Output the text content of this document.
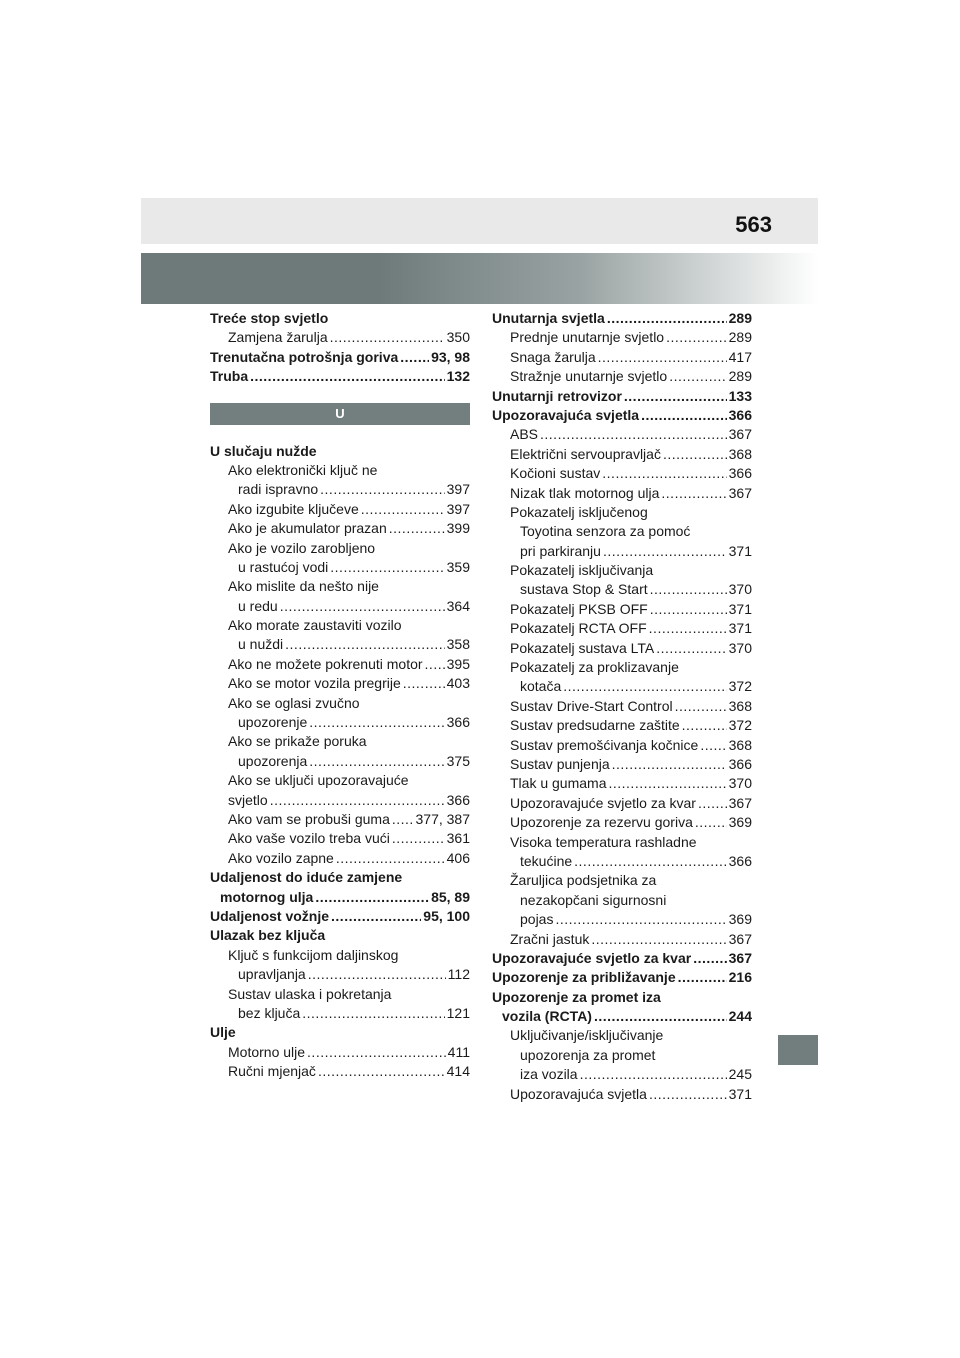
563
Treće stop svjetlo
Zamjena žarulja .....	350
Trenutačna potrošnja goriva ..... 93, 98
Truba .....	132
U
U slučaju nužde
Ako elektronički ključ ne
radi ispravno .....	397
Ako izgubite ključeve .....	397
Ako je akumulator prazan .....	399
Ako je vozilo zarobljeno
u rastućoj vodi .....	359
Ako mislite da nešto nije
u redu .....	364
Ako morate zaustaviti vozilo
u nuždi .....	358
Ako ne možete pokrenuti motor ..... 395
Ako se motor vozila pregrije .....	403
Ako se oglasi zvučno
upozorenje .....	366
Ako se prikaže poruka
upozorenja .....	375
Ako se uključi upozoravajuće
svjetlo .....	366
Ako vam se probuši guma ..... 377, 387
Ako vaše vozilo treba vući .....	361
Ako vozilo zapne .....	406
Udaljenost do iduće zamjene
motornog ulja .....	85, 89
Udaljenost vožnje .....	95, 100
Ulazak bez ključa
Ključ s funkcijom daljinskog
upravljanja .....	112
Sustav ulaska i pokretanja
bez ključa .....	121
Ulje
Motorno ulje .....	411
Ručni mjenjač .....	414
Unutarnja svjetla .....	289
Prednje unutarnje svjetlo .....	289
Snaga žarulja .....	417
Stražnje unutarnje svjetlo .....	289
Unutarnji retrovizor .....	133
Upozoravajuća svjetla .....	366
ABS .....	367
Električni servoupravljač .....	368
Kočioni sustav .....	366
Nizak tlak motornog ulja .....	367
Pokazatelj isključenog
Toyotina senzora za pomoć
pri parkiranju .....	371
Pokazatelj isključivanja
sustava Stop & Start .....	370
Pokazatelj PKSB OFF .....	371
Pokazatelj RCTA OFF .....	371
Pokazatelj sustava LTA .....	370
Pokazatelj za proklizavanje
kotača .....	372
Sustav Drive-Start Control .....	368
Sustav predsudarne zaštite .....	372
Sustav premošćivanja kočnice ..... 368
Sustav punjenja .....	366
Tlak u gumama .....	370
Upozoravajuće svjetlo za kvar ..... 367
Upozorenje za rezervu goriva .....	369
Visoka temperatura rashladne
tekućine .....	366
Žaruljica podsjetnika za
nezakopčani sigurnosni
pojas .....	369
Zračni jastuk .....	367
Upozoravajuće svjetlo za kvar .....	367
Upozorenje za približavanje .....	216
Upozorenje za promet iza
vozila (RCTA) .....	244
Uključivanje/isključivanje
upozorenja za promet
iza vozila .....	245
Upozoravajuća svjetla .....	371
